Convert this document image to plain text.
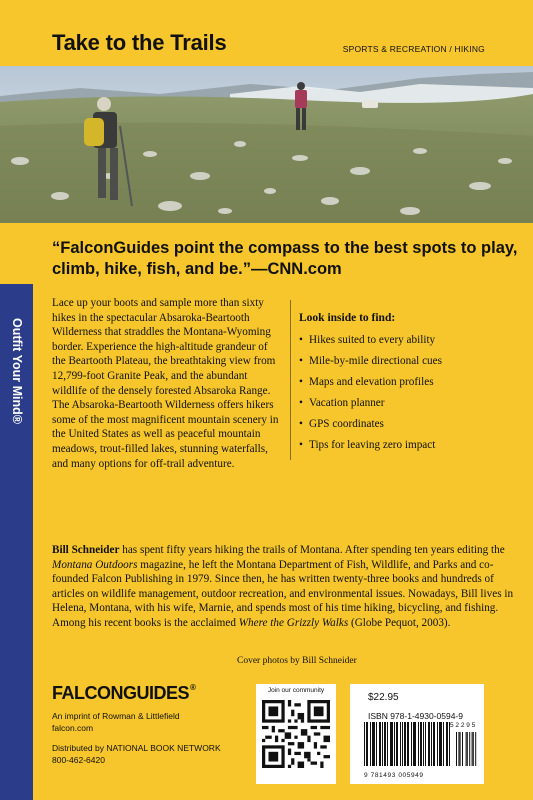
Take to the Trails	SPORTS & RECREATION / HIKING
“FalconGuides point the compass to the best spots to play, climb, hike, fish, and be.”—CNN.com
Outfit Your Mind®
Lace up your boots and sample more than sixty hikes in the spectacular Absaroka-Beartooth Wilderness that straddles the Montana-Wyoming border. Experience the high-altitude grandeur of the Beartooth Plateau, the breathtaking view from 12,799-foot Granite Peak, and the abundant wildlife of the densely forested Absaroka Range. The Absaroka-Beartooth Wilderness offers hikers some of the most magnificent mountain scenery in the United States as well as peaceful mountain meadows, trout-filled lakes, stunning waterfalls, and many options for off-trail adventure.
Look inside to find:
• Hikes suited to every ability
• Mile-by-mile directional cues
• Maps and elevation profiles
• Vacation planner
• GPS coordinates
• Tips for leaving zero impact
Bill Schneider has spent fifty years hiking the trails of Montana. After spending ten years editing the Montana Outdoors magazine, he left the Montana Department of Fish, Wildlife, and Parks and co-founded Falcon Publishing in 1979. Since then, he has written twenty-three books and hundreds of articles on wildlife management, outdoor recreation, and environmental issues. Nowadays, Bill lives in Helena, Montana, with his wife, Marnie, and spends most of his time hiking, bicycling, and fishing. Among his recent books is the acclaimed Where the Grizzly Walks (Globe Pequot, 2003).
Cover photos by Bill Schneider
FALCONGUIDES®
An imprint of Rowman & Littlefield
falcon.com
Distributed by NATIONAL BOOK NETWORK
800-462-6420
Join our community
$22.95
ISBN 978-1-4930-0594-9
9 781493 005949
5 2 2 9 5
